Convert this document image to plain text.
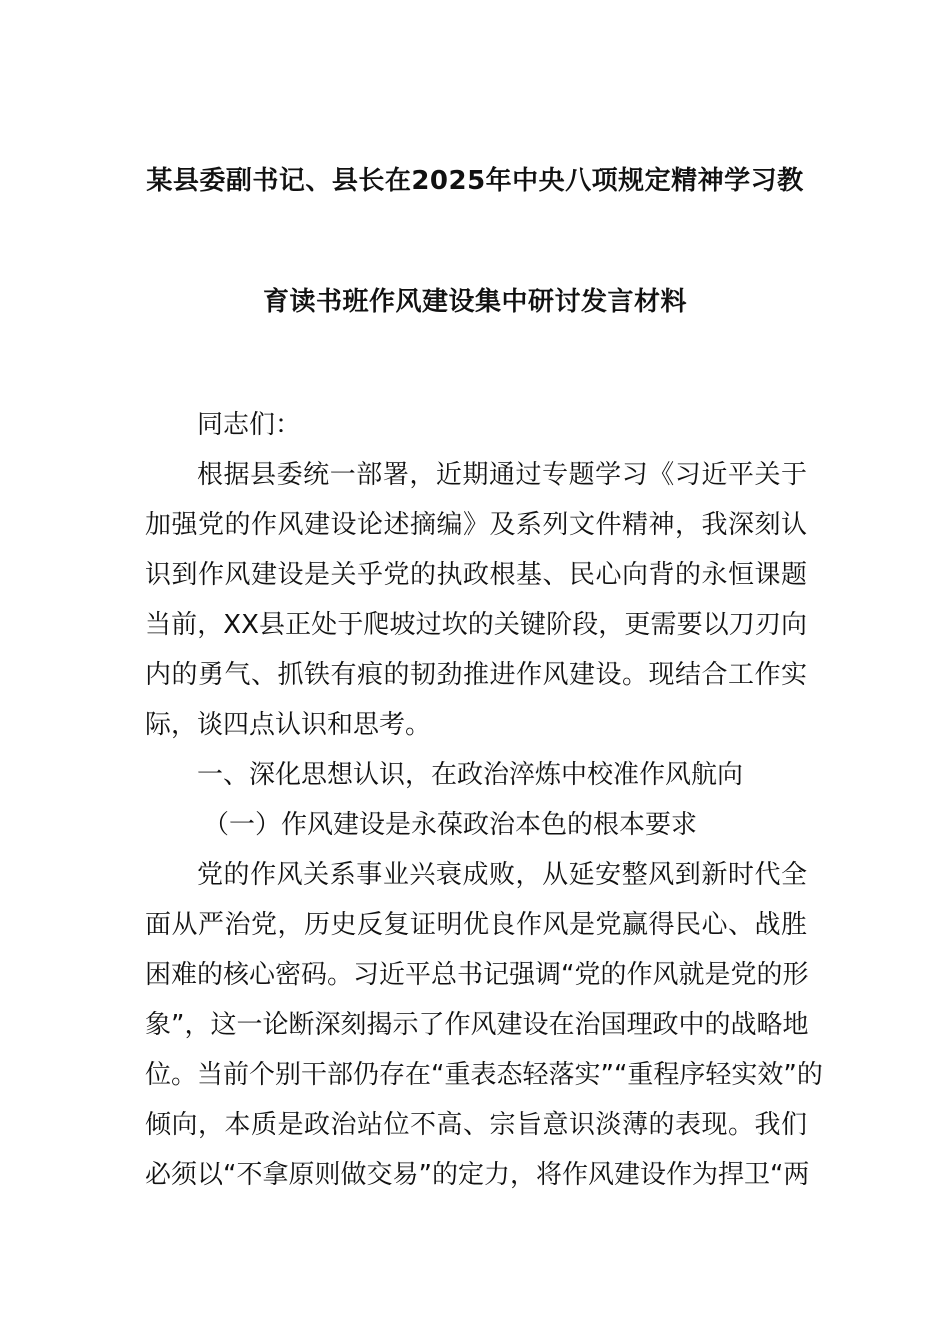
某县委副书记、县长在2025年中央八项规定精神学习教
育读书班作风建设集中研讨发言材料
同志们：
根据县委统一部署，近期通过专题学习《习近平关于
加强党的作风建设论述摘编》及系列文件精神，我深刻认
识到作风建设是关乎党的执政根基、民心向背的永恒课题
当前，XX县正处于爬坡过坎的关键阶段，更需要以刀刃向
内的勇气、抓铁有痕的韧劲推进作风建设。现结合工作实
际，谈四点认识和思考。
一、深化思想认识，在政治淬炼中校准作风航向
（一）作风建设是永葆政治本色的根本要求
党的作风关系事业兴衰成败，从延安整风到新时代全
面从严治党，历史反复证明优良作风是党赢得民心、战胜
困难的核心密码。习近平总书记强调“党的作风就是党的形
象”，这一论断深刻揭示了作风建设在治国理政中的战略地
位。当前个别干部仍存在“重表态轻落实”“重程序轻实效”的
倾向，本质是政治站位不高、宗旨意识淡薄的表现。我们
必须以“不拿原则做交易”的定力，将作风建设作为捍卫“两
